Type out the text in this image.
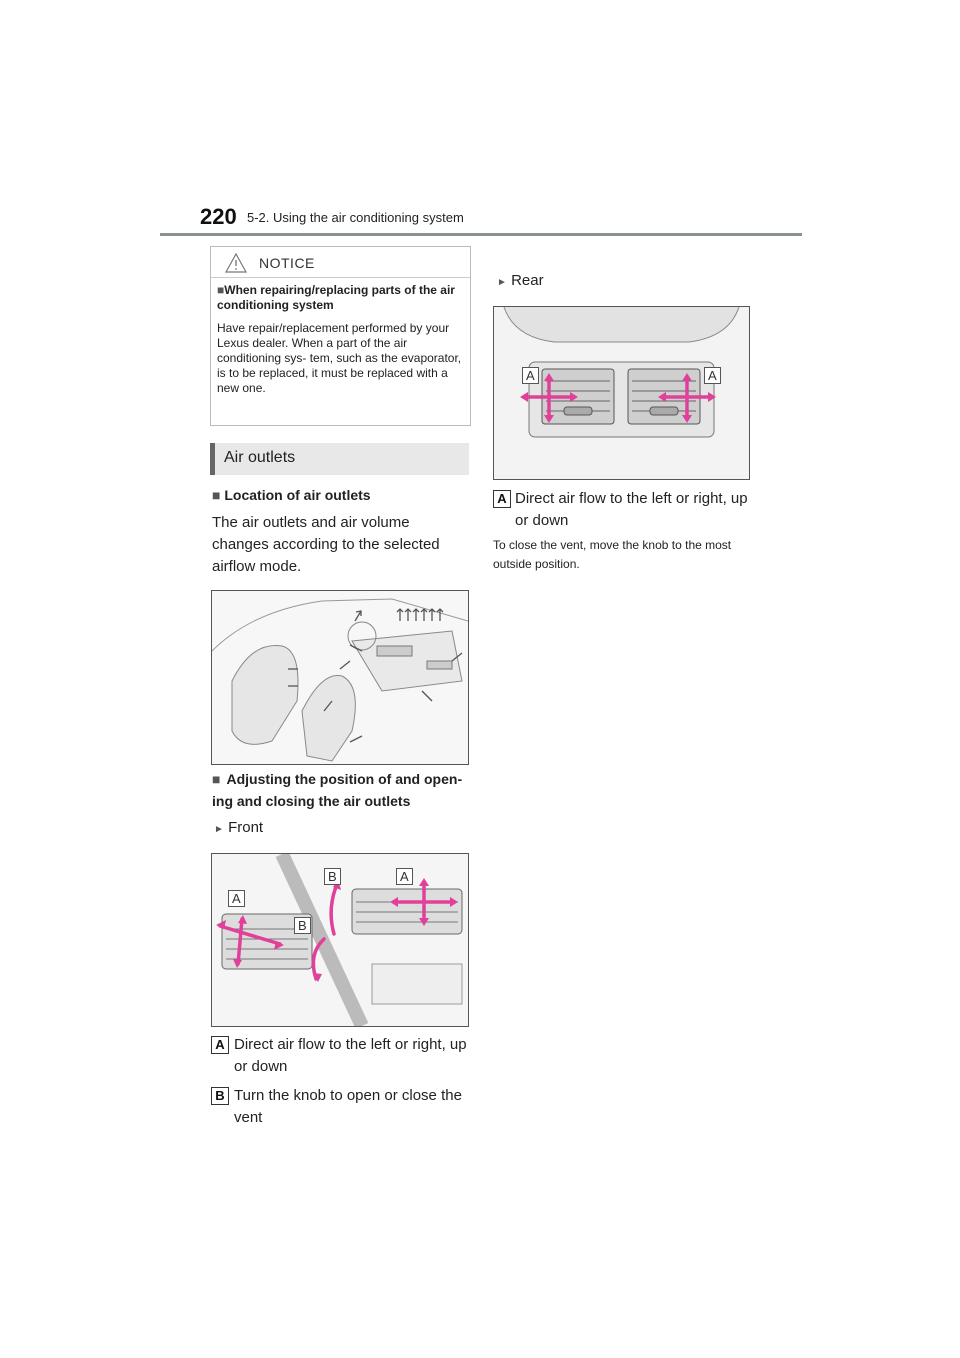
220 5-2. Using the air conditioning system
NOTICE
■When repairing/replacing parts of the air conditioning system
Have repair/replacement performed by your Lexus dealer. When a part of the air conditioning sys- tem, such as the evaporator, is to be replaced, it must be replaced with a new one.
Air outlets
■ Location of air outlets
The air outlets and air volume changes according to the selected airflow mode.
■ Adjusting the position of and open- ing and closing the air outlets
► Front
A
B
A
B
A Direct air flow to the left or right, up or down
B Turn the knob to open or close the vent
► Rear
A	A
A Direct air flow to the left or right, up or down
To close the vent, move the knob to the most outside position.
